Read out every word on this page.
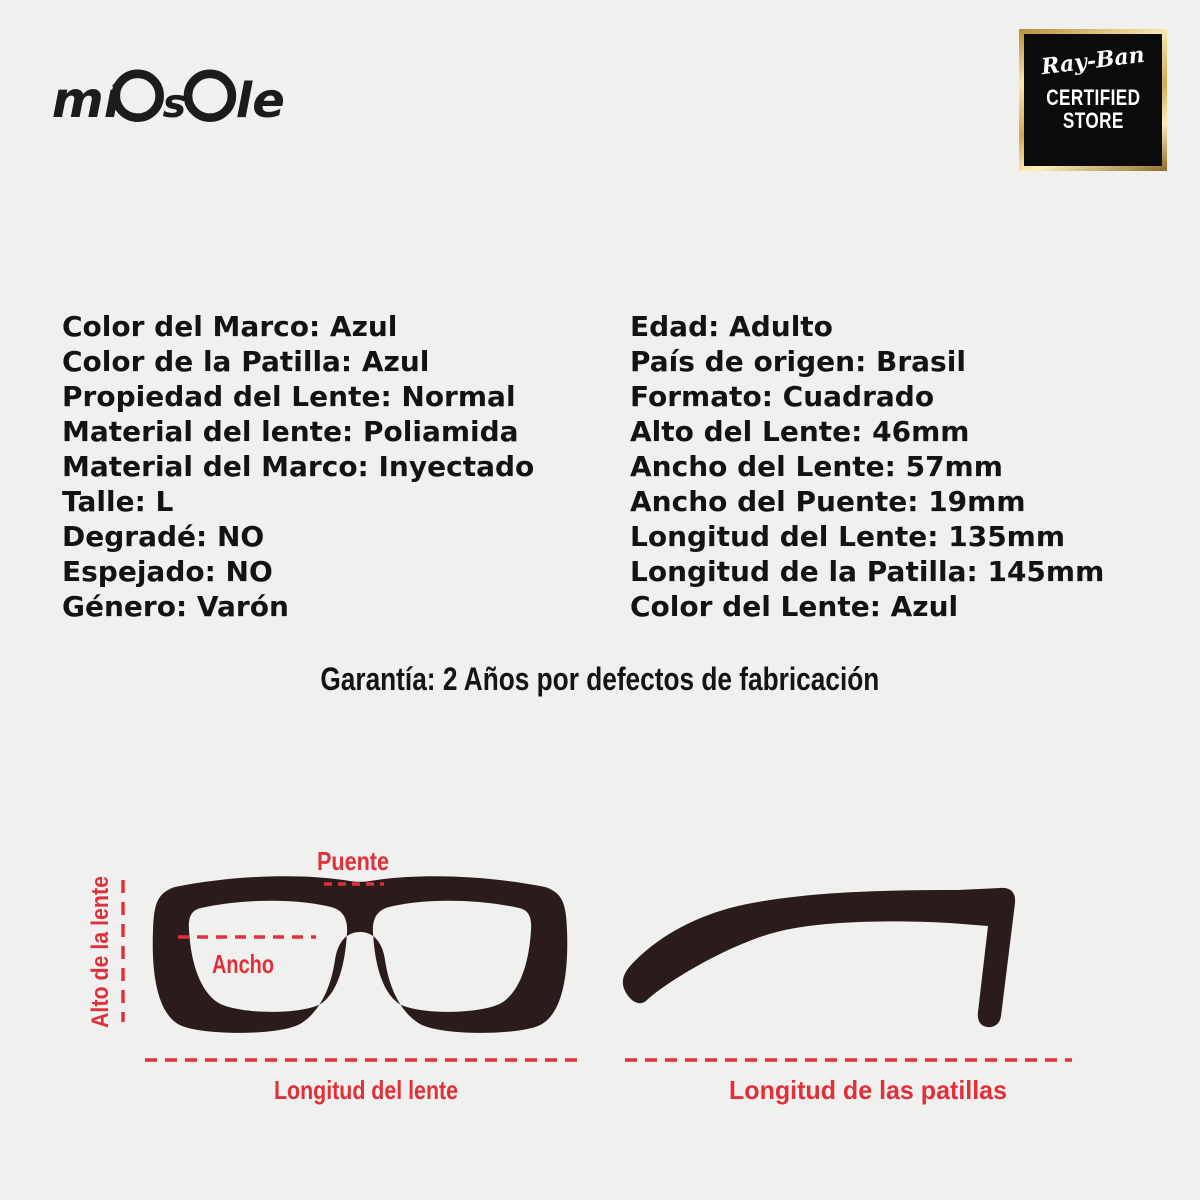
mí s le
Ray-Ban
CERTIFIED
STORE
Color del Marco: Azul
Color de la Patilla: Azul
Propiedad del Lente: Normal
Material del lente: Poliamida
Material del Marco: Inyectado
Talle: L
Degradé: NO
Espejado: NO
Género: Varón
Edad: Adulto
País de origen: Brasil
Formato: Cuadrado
Alto del Lente: 46mm
Ancho del Lente: 57mm
Ancho del Puente: 19mm
Longitud del Lente: 135mm
Longitud de la Patilla: 145mm
Color del Lente: Azul
Garantía: 2 Años por defectos de fabricación
Puente
Alto de la lente	Ancho
Longitud del lente	Longitud de las patillas
